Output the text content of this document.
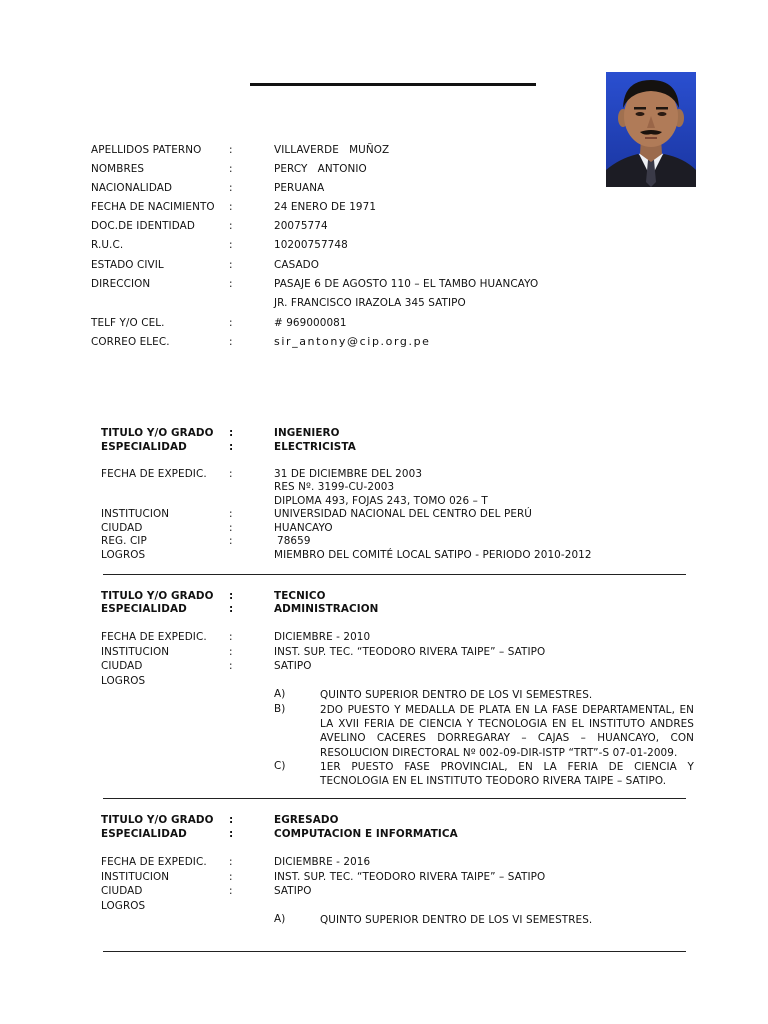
APELLIDOS PATERNO	:	VILLAVERDE   MUÑOZ
NOMBRES	:	PERCY   ANTONIO
NACIONALIDAD	:	PERUANA
FECHA DE NACIMIENTO :	24 ENERO DE 1971
DOC.DE IDENTIDAD	:	20075774
R.U.C.	:	10200757748
ESTADO CIVIL	:	CASADO
DIRECCION	:	PASAJE 6 DE AGOSTO 110 – EL TAMBO HUANCAYO
JR. FRANCISCO IRAZOLA 345 SATIPO
TELF Y/O CEL.	:	# 969000081
CORREO ELEC.	:	sir_antony@cip.org.pe
TITULO Y/O GRADO :	INGENIERO
ESPECIALIDAD	:	ELECTRICISTA
FECHA DE EXPEDIC. :	31 DE DICIEMBRE DEL 2003
RES Nº. 3199-CU-2003
DIPLOMA 493, FOJAS 243, TOMO 026 – T
INSTITUCION	:	UNIVERSIDAD NACIONAL DEL CENTRO DEL PERÚ
CIUDAD	:	HUANCAYO
REG. CIP	:	78659
LOGROS	MIEMBRO DEL COMITÉ LOCAL SATIPO - PERIODO 2010-2012
TITULO Y/O GRADO :	TECNICO
ESPECIALIDAD	:	ADMINISTRACION
FECHA DE EXPEDIC. :	DICIEMBRE - 2010
INSTITUCION	:	INST. SUP. TEC. “TEODORO RIVERA TAIPE” – SATIPO
CIUDAD	:	SATIPO
LOGROS
A)	QUINTO SUPERIOR DENTRO DE LOS VI SEMESTRES.
B)	2DO PUESTO Y MEDALLA DE PLATA EN LA FASE DEPARTAMENTAL, EN LA XVII FERIA DE CIENCIA Y TECNOLOGIA EN EL INSTITUTO ANDRES AVELINO CACERES DORREGARAY – CAJAS – HUANCAYO, CON RESOLUCION DIRECTORAL Nº 002-09-DIR-ISTP “TRT”-S 07-01-2009.
C)	1ER PUESTO FASE PROVINCIAL, EN LA FERIA DE CIENCIA Y TECNOLOGIA EN EL INSTITUTO TEODORO RIVERA TAIPE – SATIPO.
TITULO Y/O GRADO :	EGRESADO
ESPECIALIDAD	:	COMPUTACION E INFORMATICA
FECHA DE EXPEDIC. :	DICIEMBRE - 2016
INSTITUCION	:	INST. SUP. TEC. “TEODORO RIVERA TAIPE” – SATIPO
CIUDAD	:	SATIPO
LOGROS
A)	QUINTO SUPERIOR DENTRO DE LOS VI SEMESTRES.
